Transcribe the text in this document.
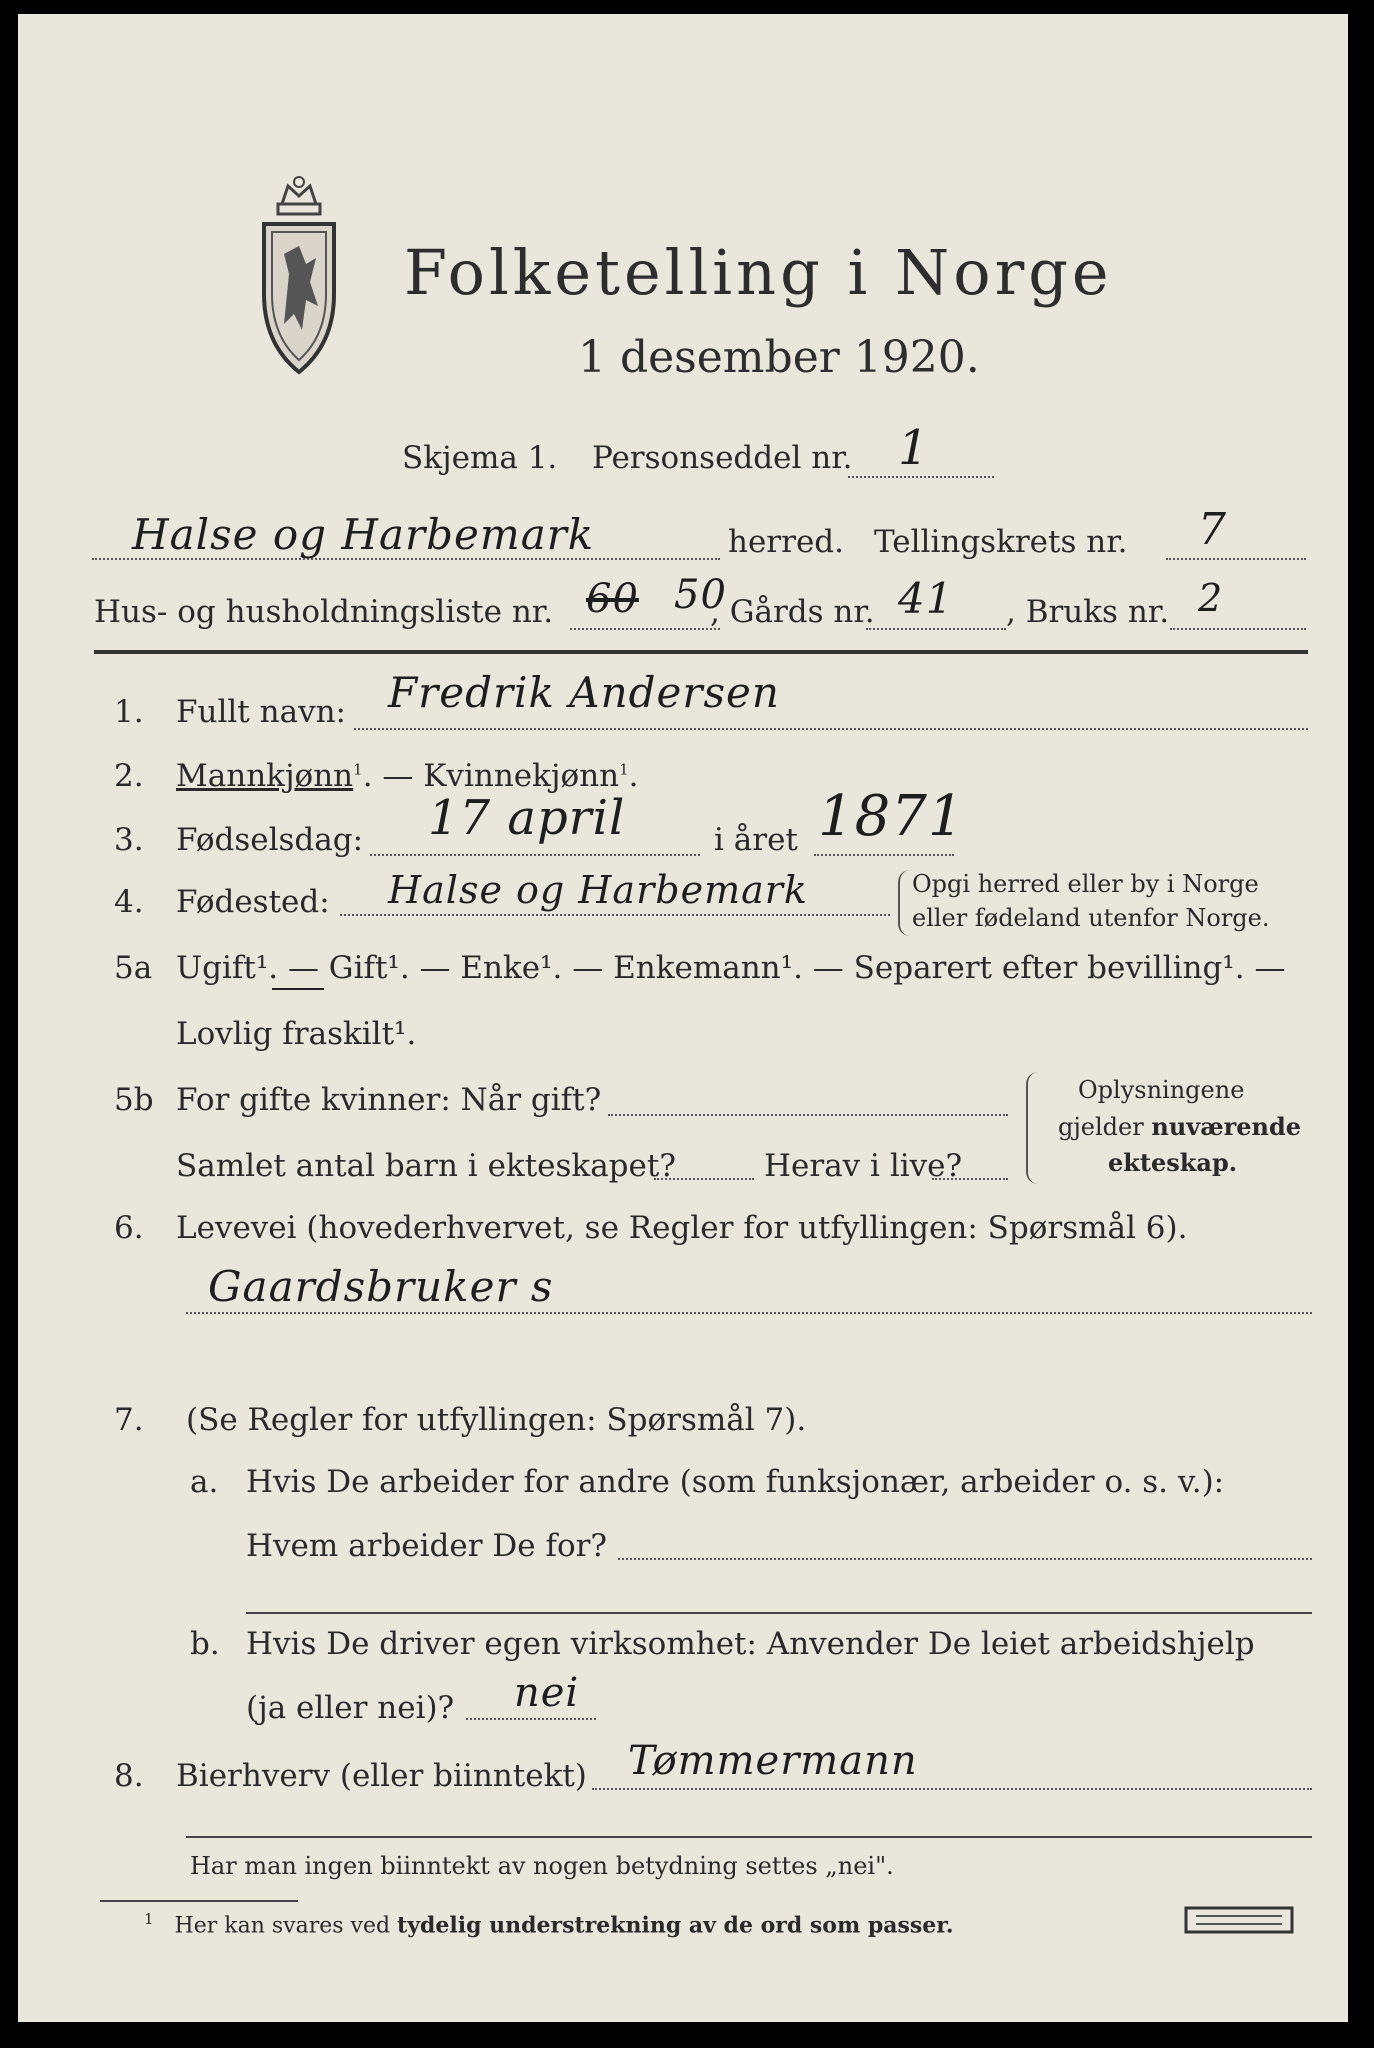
Folketelling i Norge
1 desember 1920.
Skjema 1. Personseddel nr. 1
Halse og Harbemark	herred. Tellingskrets nr. 7
Hus- og husholdningsliste nr. 60 50
, Gårds nr. 41 , Bruks nr. 2
1. Fullt navn: Fredrik Andersen
2. Mannkjønn$^1$. — Kvinnekjønn$^1$.
3. Fødselsdag: 17 april	i året 1871
4. Fødested: Halse og Harbemark	Opgi herred eller by i Norge
eller fødeland utenfor Norge.
5a Ugift¹. — Gift¹. — Enke¹. — Enkemann¹. — Separert efter bevilling¹. —
Lovlig fraskilt¹.
5b For gifte kvinner: Når gift?
Samlet antal barn i ekteskapet?	Herav i live?
Oplysningene
gjelder nuværende
ekteskap.
6. Levevei (hovederhvervet, se Regler for utfyllingen: Spørsmål 6).
Gaardsbruker s
7. (Se Regler for utfyllingen: Spørsmål 7).
a. Hvis De arbeider for andre (som funksjonær, arbeider o. s. v.):
Hvem arbeider De for?
b. Hvis De driver egen virksomhet: Anvender De leiet arbeidshjelp
(ja eller nei)? nei
8. Bierhverv (eller biinntekt) Tømmermann
Har man ingen biinntekt av nogen betydning settes „nei".
$^1$ Her kan svares ved tydelig understrekning av de ord som passer.
